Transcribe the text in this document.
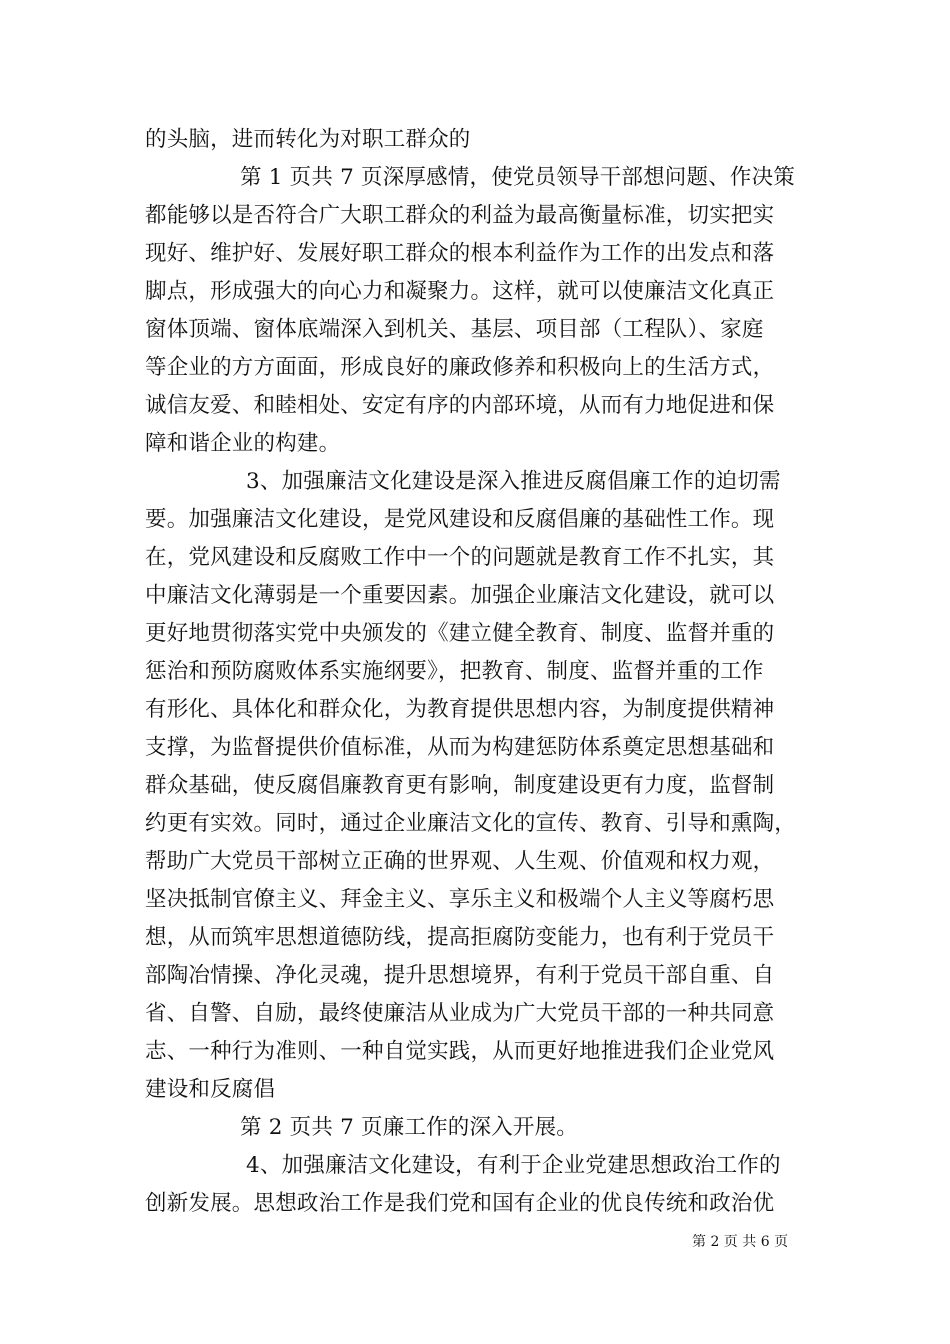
的头脑，进而转化为对职工群众的
第 1 页共 7 页深厚感情，使党员领导干部想问题、作决策
都能够以是否符合广大职工群众的利益为最高衡量标准，切实把实
现好、维护好、发展好职工群众的根本利益作为工作的出发点和落
脚点，形成强大的向心力和凝聚力。这样，就可以使廉洁文化真正
窗体顶端、窗体底端深入到机关、基层、项目部（工程队）、家庭
等企业的方方面面，形成良好的廉政修养和积极向上的生活方式，
诚信友爱、和睦相处、安定有序的内部环境，从而有力地促进和保
障和谐企业的构建。
3、加强廉洁文化建设是深入推进反腐倡廉工作的迫切需
要。加强廉洁文化建设，是党风建设和反腐倡廉的基础性工作。现
在，党风建设和反腐败工作中一个的问题就是教育工作不扎实，其
中廉洁文化薄弱是一个重要因素。加强企业廉洁文化建设，就可以
更好地贯彻落实党中央颁发的《建立健全教育、制度、监督并重的
惩治和预防腐败体系实施纲要》，把教育、制度、监督并重的工作
有形化、具体化和群众化，为教育提供思想内容，为制度提供精神
支撑，为监督提供价值标准，从而为构建惩防体系奠定思想基础和
群众基础，使反腐倡廉教育更有影响，制度建设更有力度，监督制
约更有实效。同时，通过企业廉洁文化的宣传、教育、引导和熏陶，
帮助广大党员干部树立正确的世界观、人生观、价值观和权力观，
坚决抵制官僚主义、拜金主义、享乐主义和极端个人主义等腐朽思
想，从而筑牢思想道德防线，提高拒腐防变能力，也有利于党员干
部陶冶情操、净化灵魂，提升思想境界，有利于党员干部自重、自
省、自警、自励，最终使廉洁从业成为广大党员干部的一种共同意
志、一种行为准则、一种自觉实践，从而更好地推进我们企业党风
建设和反腐倡
第 2 页共 7 页廉工作的深入开展。
4、加强廉洁文化建设，有利于企业党建思想政治工作的
创新发展。思想政治工作是我们党和国有企业的优良传统和政治优
第 2 页 共 6 页
